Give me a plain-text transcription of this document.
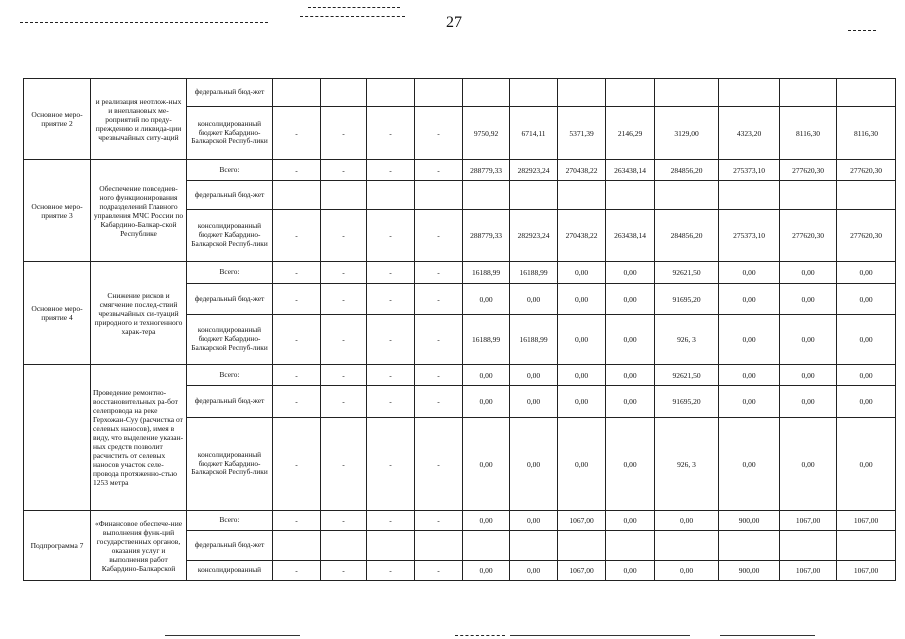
27
Основное меро-приятие 2	и реализация неотлож-ных и внеплановых ме-роприятий по преду-преждению и ликвида-ции чрезвычайных ситу-аций	федеральный бюд-жет												
		консолидированный бюджет Кабардино-Балкарской Респуб-лики	-	-	-	-	9750,92	6714,11	5371,39	2146,29	3129,00	4323,20	8116,30	8116,30
Основное меро-приятие 3	Обеспечение повседнев-ного функционирования подразделений Главного управления МЧС России по Кабардино-Балкар-ской Республике	Всего:	-	-	-	-	288779,33	282923,24	270438,22	263438,14	284856,20	275373,10	277620,30	277620,30
		федеральный бюд-жет												
		консолидированный бюджет Кабардино-Балкарской Респуб-лики	-	-	-	-	288779,33	282923,24	270438,22	263438,14	284856,20	275373,10	277620,30	277620,30
Основное меро-приятие 4	Снижение рисков и смягчение послед-ствий чрезвычайных си-туаций природного и техногенного харак-тера	Всего:	-	-	-	-	16188,99	16188,99	0,00	0,00	92621,50	0,00	0,00	0,00
		федеральный бюд-жет	-	-	-	-	0,00	0,00	0,00	0,00	91695,20	0,00	0,00	0,00
		консолидированный бюджет Кабардино-Балкарской Респуб-лики	-	-	-	-	16188,99	16188,99	0,00	0,00	926, 3	0,00	0,00	0,00
	Проведение ремонтно-восстановительных ра-бот селепровода на реке Герхожан-Суу (расчистка от селевых наносов), имея в виду, что выделение указан-ных средств позволит расчистить от селевых наносов участок селе-провода протяженно-стью 1253 метра	Всего:	-	-	-	-	0,00	0,00	0,00	0,00	92621,50	0,00	0,00	0,00
		федеральный бюд-жет	-	-	-	-	0,00	0,00	0,00	0,00	91695,20	0,00	0,00	0,00
		консолидированный бюджет Кабардино-Балкарской Респуб-лики	-	-	-	-	0,00	0,00	0,00	0,00	926, 3	0,00	0,00	0,00
Подпрограмма 7	«Финансовое обеспече-ние выполнения функ-ций государственных органов, оказания услуг и выполнения работ Кабардино-Балкарской	Всего:	-	-	-	-	0,00	0,00	1067,00	0,00	0,00	900,00	1067,00	1067,00
		федеральный бюд-жет												
		консолидированный	-	-	-	-	0,00	0,00	1067,00	0,00	0,00	900,00	1067,00	1067,00
